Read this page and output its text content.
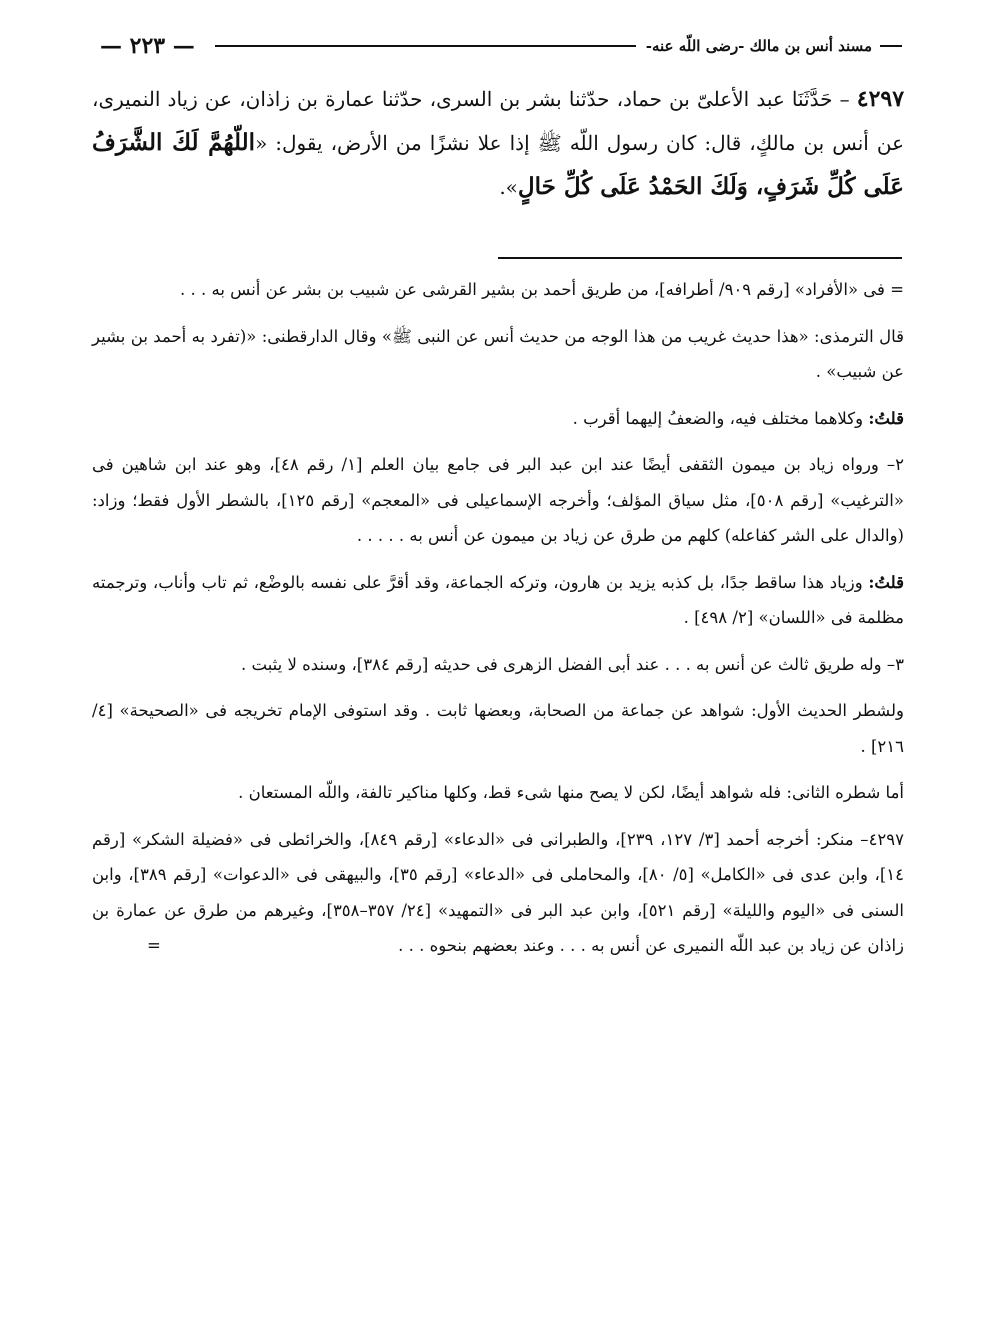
— ٢٢٣ —	مسند أنس بن مالك -رضى اللّه عنه-
٤٢٩٧ – حَدَّثَنَا عبد الأعلىّ بن حماد، حدّثنا بشر بن السرى، حدّثنا عمارة بن زاذان، عن زياد النميرى، عن أنس بن مالكٍ، قال: كان رسول اللّه ﷺ إذا علا نشزًا من الأرض، يقول: «اللّهُمَّ لَكَ الشَّرَفُ عَلَى كُلِّ شَرَفٍ، وَلَكَ الحَمْدُ عَلَى كُلِّ حَالٍ».

= فى «الأفراد» [رقم ٩٠٩/ أطرافه]، من طريق أحمد بن بشير القرشى عن شبيب بن بشر عن أنس به . . .

قال الترمذى: «هذا حديث غريب من هذا الوجه من حديث أنس عن النبى ﷺ» وقال الدارقطنى: «(تفرد به أحمد بن بشير عن شبيب» .

قلتُ: وكلاهما مختلف فيه، والضعفُ إليهما أقرب .

٢– ورواه زياد بن ميمون الثقفى أيضًا عند ابن عبد البر فى جامع بيان العلم [١/ رقم ٤٨]، وهو عند ابن شاهين فى «الترغيب» [رقم ٥٠٨]، مثل سياق المؤلف؛ وأخرجه الإسماعيلى فى «المعجم» [رقم ١٢٥]، بالشطر الأول فقط؛ وزاد: (والدال على الشر كفاعله) كلهم من طرق عن زياد بن ميمون عن أنس به . . . . .

قلتُ: وزياد هذا ساقط جدًا، بل كذبه يزيد بن هارون، وتركه الجماعة، وقد أقرَّ على نفسه بالوضْع، ثم تاب وأناب، وترجمته مظلمة فى «اللسان» [٢/ ٤٩٨] .

٣– وله طريق ثالث عن أنس به . . . عند أبى الفضل الزهرى فى حديثه [رقم ٣٨٤]، وسنده لا يثبت .

ولشطر الحديث الأول: شواهد عن جماعة من الصحابة، وبعضها ثابت . وقد استوفى الإمام تخريجه فى «الصحيحة» [٤/ ٢١٦] .

أما شطره الثانى: فله شواهد أيضًا، لكن لا يصح منها شىء قط، وكلها مناكير تالفة، واللّه المستعان .

٤٢٩٧– منكر: أخرجه أحمد [٣/ ١٢٧، ٢٣٩]، والطبرانى فى «الدعاء» [رقم ٨٤٩]، والخرائطى فى «فضيلة الشكر» [رقم ١٤]، وابن عدى فى «الكامل» [٥/ ٨٠]، والمحاملى فى «الدعاء» [رقم ٣٥]، والبيهقى فى «الدعوات» [رقم ٣٨٩]، وابن السنى فى «اليوم والليلة» [رقم ٥٢١]، وابن عبد البر فى «التمهيد» [٢٤/ ٣٥٧–٣٥٨]، وغيرهم من طرق عن عمارة بن زاذان عن زياد بن عبد اللّه النميرى عن أنس به . . . وعند بعضهم بنحوه . . .
=
